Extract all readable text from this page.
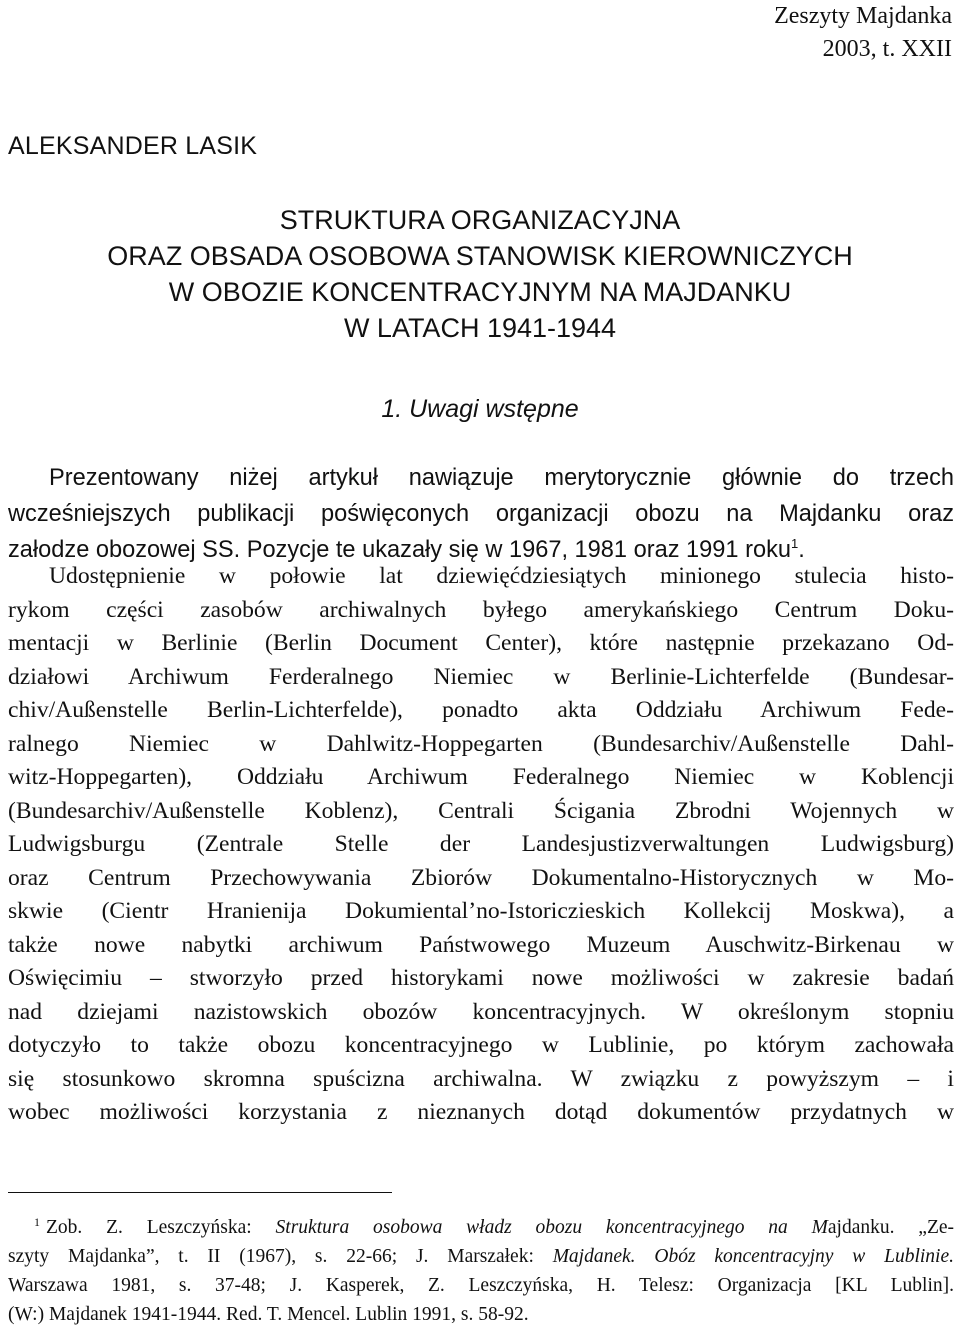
Zeszyty Majdanka
2003, t. XXII
ALEKSANDER LASIK
STRUKTURA ORGANIZACYJNA
ORAZ OBSADA OSOBOWA STANOWISK KIEROWNICZYCH
W OBOZIE KONCENTRACYJNYM NA MAJDANKU
W LATACH 1941-1944
1. Uwagi wstępne
Prezentowany niżej artykuł nawiązuje merytorycznie głównie do trzech
wcześniejszych publikacji poświęconych organizacji obozu na Majdanku oraz
załodze obozowej SS. Pozycje te ukazały się w 1967, 1981 oraz 1991 roku$^1$.
Udostępnienie w połowie lat dziewięćdziesiątych minionego stulecia histo-
rykom części zasobów archiwalnych byłego amerykańskiego Centrum Doku-
mentacji w Berlinie (Berlin Document Center), które następnie przekazano Od-
działowi Archiwum Ferderalnego Niemiec w Berlinie-Lichterfelde (Bundesar-
chiv/Außenstelle Berlin-Lichterfelde), ponadto akta Oddziału Archiwum Fede-
ralnego Niemiec w Dahlwitz-Hoppegarten (Bundesarchiv/Außenstelle Dahl-
witz-Hoppegarten), Oddziału Archiwum Federalnego Niemiec w Koblencji
(Bundesarchiv/Außenstelle Koblenz), Centrali Ścigania Zbrodni Wojennych w
Ludwigsburgu (Zentrale Stelle der Landesjustizverwaltungen Ludwigsburg)
oraz Centrum Przechowywania Zbiorów Dokumentalno-Historycznych w Mo-
skwie (Cientr Hranienija Dokumiental’no-Istoriczieskich Kollekcij Moskwa), a
także nowe nabytki archiwum Państwowego Muzeum Auschwitz-Birkenau w
Oświęcimiu – stworzyło przed historykami nowe możliwości w zakresie badań
nad dziejami nazistowskich obozów koncentracyjnych. W określonym stopniu
dotyczyło to także obozu koncentracyjnego w Lublinie, po którym zachowała
się stosunkowo skromna spuścizna archiwalna. W związku z powyższym – i
wobec możliwości korzystania z nieznanych dotąd dokumentów przydatnych w
$^1$ Zob. Z. Leszczyńska: Struktura osobowa władz obozu koncentracyjnego na Majdanku. „Ze-
szyty Majdanka”, t. II (1967), s. 22-66; J. Marszałek: Majdanek. Obóz koncentracyjny w Lublinie.
Warszawa 1981, s. 37-48; J. Kasperek, Z. Leszczyńska, H. Telesz: Organizacja [KL Lublin].
(W:) Majdanek 1941-1944. Red. T. Mencel. Lublin 1991, s. 58-92.
